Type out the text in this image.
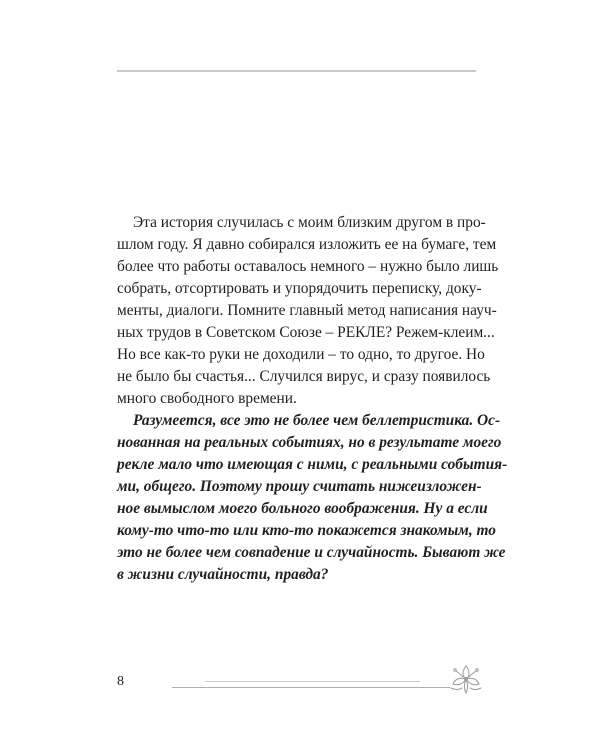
Эта история случилась с моим близким другом в про-
шлом году. Я давно собирался изложить ее на бумаге, тем
более что работы оставалось немного – нужно было лишь
собрать, отсортировать и упорядочить переписку, доку-
менты, диалоги. Помните главный метод написания науч-
ных трудов в Советском Союзе – РЕКЛЕ? Режем-клеим...
Но все как-то руки не доходили – то одно, то другое. Но
не было бы счастья... Случился вирус, и сразу появилось
много свободного времени.
Разумеется, все это не более чем беллетристика. Ос-
нованная на реальных событиях, но в результате моего
рекле мало что имеющая с ними, с реальными события-
ми, общего. Поэтому прошу считать нижеизложен-
ное вымыслом моего больного воображения. Ну а если
кому-то что-то или кто-то покажется знакомым, то
это не более чем совпадение и случайность. Бывают же
в жизни случайности, правда?
8
